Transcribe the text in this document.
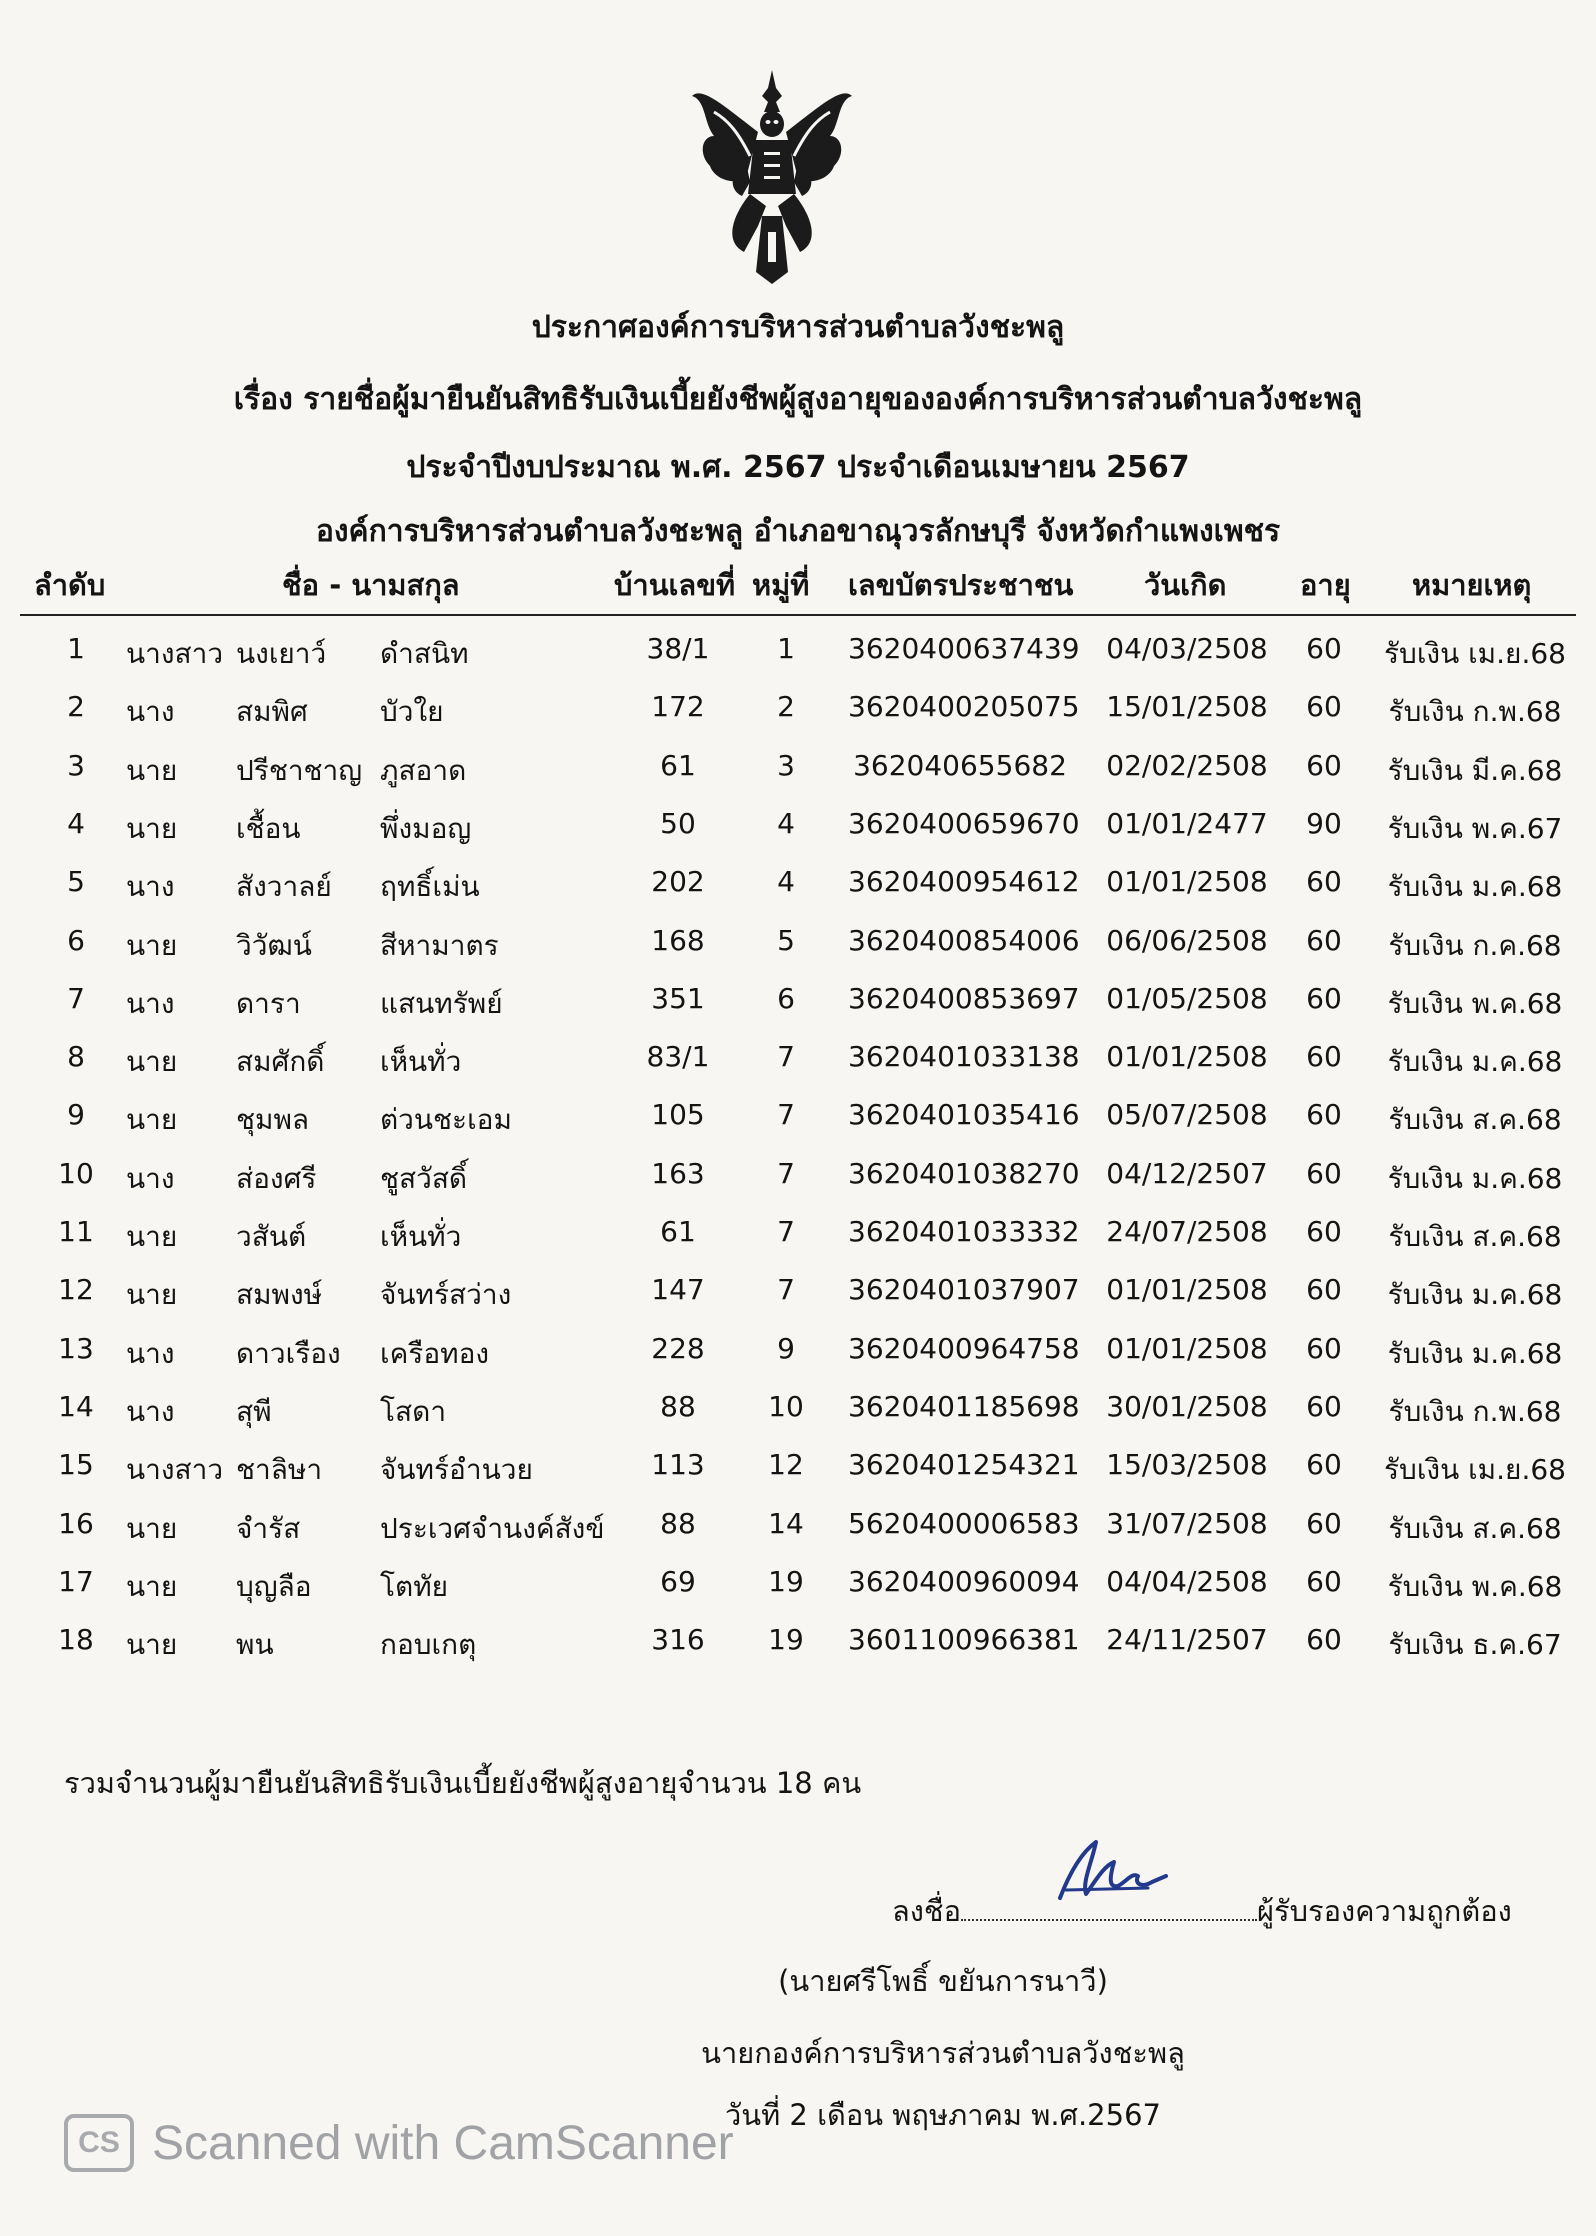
ประกาศองค์การบริหารส่วนตำบลวังชะพลู
เรื่อง รายชื่อผู้มายืนยันสิทธิรับเงินเบี้ยยังชีพผู้สูงอายุขององค์การบริหารส่วนตำบลวังชะพลู
ประจำปีงบประมาณ พ.ศ. 2567 ประจำเดือนเมษายน 2567
องค์การบริหารส่วนตำบลวังชะพลู อำเภอขาณุวรลักษบุรี จังหวัดกำแพงเพชร
ลำดับ	ชื่อ - นามสกุล	บ้านเลขที่ หมู่ที่ เลขบัตรประชาชน วันเกิด	อายุ หมายเหตุ
1	นางสาว นงเยาว์ ดำสนิท	38/1	1	3620400637439 04/03/2508	60	รับเงิน เม.ย.68
2	นาง สมพิศ	บัวใย	172	2	3620400205075 15/01/2508	60	รับเงิน ก.พ.68
3	นาย ปรีชาชาญ ภูสอาด	61	3	362040655682 02/02/2508	60	รับเงิน มี.ค.68
4	นาย เชื้อน	พึ่งมอญ	50	4	3620400659670 01/01/2477	90	รับเงิน พ.ค.67
5	นาง สังวาลย์ ฤทธิ์เม่น	202	4	3620400954612 01/01/2508	60	รับเงิน ม.ค.68
6	นาย วิวัฒน์ สีหามาตร	168	5	3620400854006 06/06/2508	60	รับเงิน ก.ค.68
7	นาง ดารา	แสนทรัพย์	351	6	3620400853697 01/05/2508	60	รับเงิน พ.ค.68
8	นาย สมศักดิ์ เห็นทั่ว	83/1	7	3620401033138 01/01/2508	60	รับเงิน ม.ค.68
9	นาย ชุมพล	ต่วนชะเอม	105	7	3620401035416 05/07/2508	60	รับเงิน ส.ค.68
10	นาง ส่องศรี ชูสวัสดิ์	163	7	3620401038270 04/12/2507	60	รับเงิน ม.ค.68
11	นาย วสันต์	เห็นทั่ว	61	7	3620401033332 24/07/2508	60	รับเงิน ส.ค.68
12	นาย สมพงษ์ จันทร์สว่าง	147	7	3620401037907 01/01/2508	60	รับเงิน ม.ค.68
13	นาง ดาวเรือง เครือทอง	228	9	3620400964758 01/01/2508	60	รับเงิน ม.ค.68
14	นาง สุพี	โสดา	88	10	3620401185698 30/01/2508	60	รับเงิน ก.พ.68
15	นางสาว ชาลิษา จันทร์อำนวย	113	12	3620401254321 15/03/2508	60	รับเงิน เม.ย.68
16	นาย จำรัส	ประเวศจำนงค์สังข์	88	14	5620400006583 31/07/2508	60	รับเงิน ส.ค.68
17	นาย บุญลือ โตทัย	69	19	3620400960094 04/04/2508	60	รับเงิน พ.ค.68
18	นาย พน	กอบเกตุ	316	19	3601100966381 24/11/2507	60	รับเงิน ธ.ค.67
รวมจำนวนผู้มายืนยันสิทธิรับเงินเบี้ยยังชีพผู้สูงอายุจำนวน 18 คน
ลงชื่อ	ผู้รับรองความถูกต้อง
(นายศรีโพธิ์ ขยันการนาวี)
นายกองค์การบริหารส่วนตำบลวังชะพลู
วันที่ 2 เดือน พฤษภาคม พ.ศ.2567
CS Scanned with CamScanner
